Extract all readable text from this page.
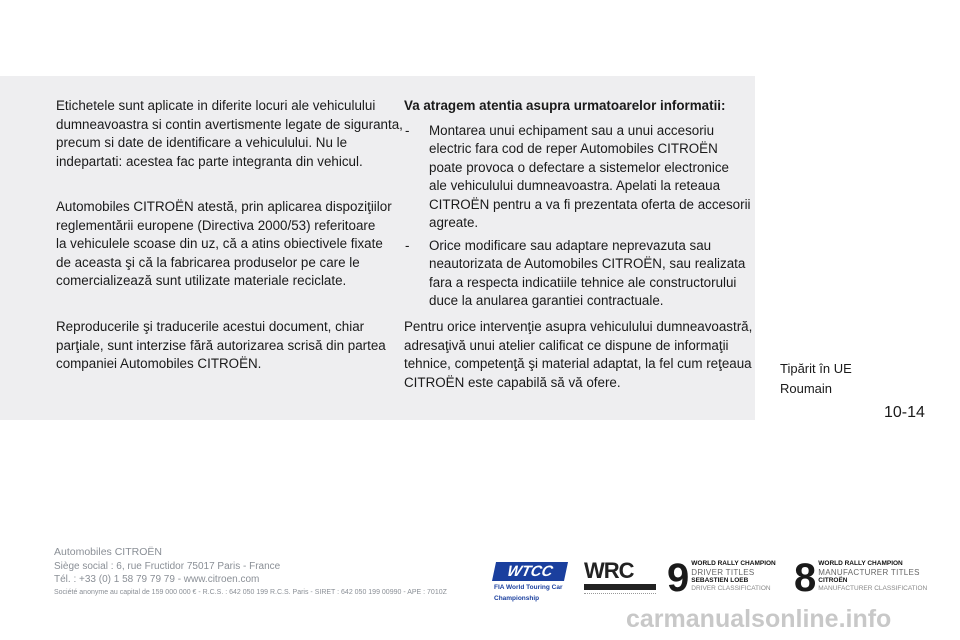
Etichetele sunt aplicate in diferite locuri ale vehiculului
dumneavoastra si contin avertismente legate de siguranta,
precum si date de identificare a vehiculului. Nu le
indepartati: acestea fac parte integranta din vehicul.
Automobiles CITROËN atestă, prin aplicarea dispoziţiilor
reglementării europene (Directiva 2000/53) referitoare
la vehiculele scoase din uz, că a atins obiectivele fixate
de aceasta şi că la fabricarea produselor pe care le
comercializează sunt utilizate materiale reciclate.
Reproducerile şi traducerile acestui document, chiar
parţiale, sunt interzise fără autorizarea scrisă din partea
companiei Automobiles CITROËN.
Va atragem atentia asupra urmatoarelor informatii:
- Montarea unui echipament sau a unui accesoriu
electric fara cod de reper Automobiles CITROËN
poate provoca o defectare a sistemelor electronice
ale vehiculului dumneavoastra. Apelati la reteaua
CITROËN pentru a va fi prezentata oferta de accesorii
agreate.
- Orice modificare sau adaptare neprevazuta sau
neautorizata de Automobiles CITROËN, sau realizata
fara a respecta indicatiile tehnice ale constructorului
duce la anularea garantiei contractuale.
Pentru orice intervenţie asupra vehiculului dumneavoastră,
adresaţivă unui atelier calificat ce dispune de informaţii
tehnice, competenţă şi material adaptat, la fel cum reţeaua
CITROËN este capabilă să vă ofere.
Tipărit în UE
Roumain
10-14
Automobiles CITROËN
Siège social : 6, rue Fructidor 75017 Paris - France
Tél. : +33 (0) 1 58 79 79 79 - www.citroen.com
Société anonyme au capital de 159 000 000 € - R.C.S. : 642 050 199 R.C.S. Paris - SIRET : 642 050 199 00990 - APE : 7010Z
WTCC
FIA World Touring Car
Championship
WRC 9 WORLD RALLY CHAMPION
DRIVER TITLES
SEBASTIEN LOEB
DRIVER CLASSIFICATION 8 WORLD RALLY CHAMPION
MANUFACTURER TITLES
CITROËN
MANUFACTURER CLASSIFICATION
carmanualsonline.info
